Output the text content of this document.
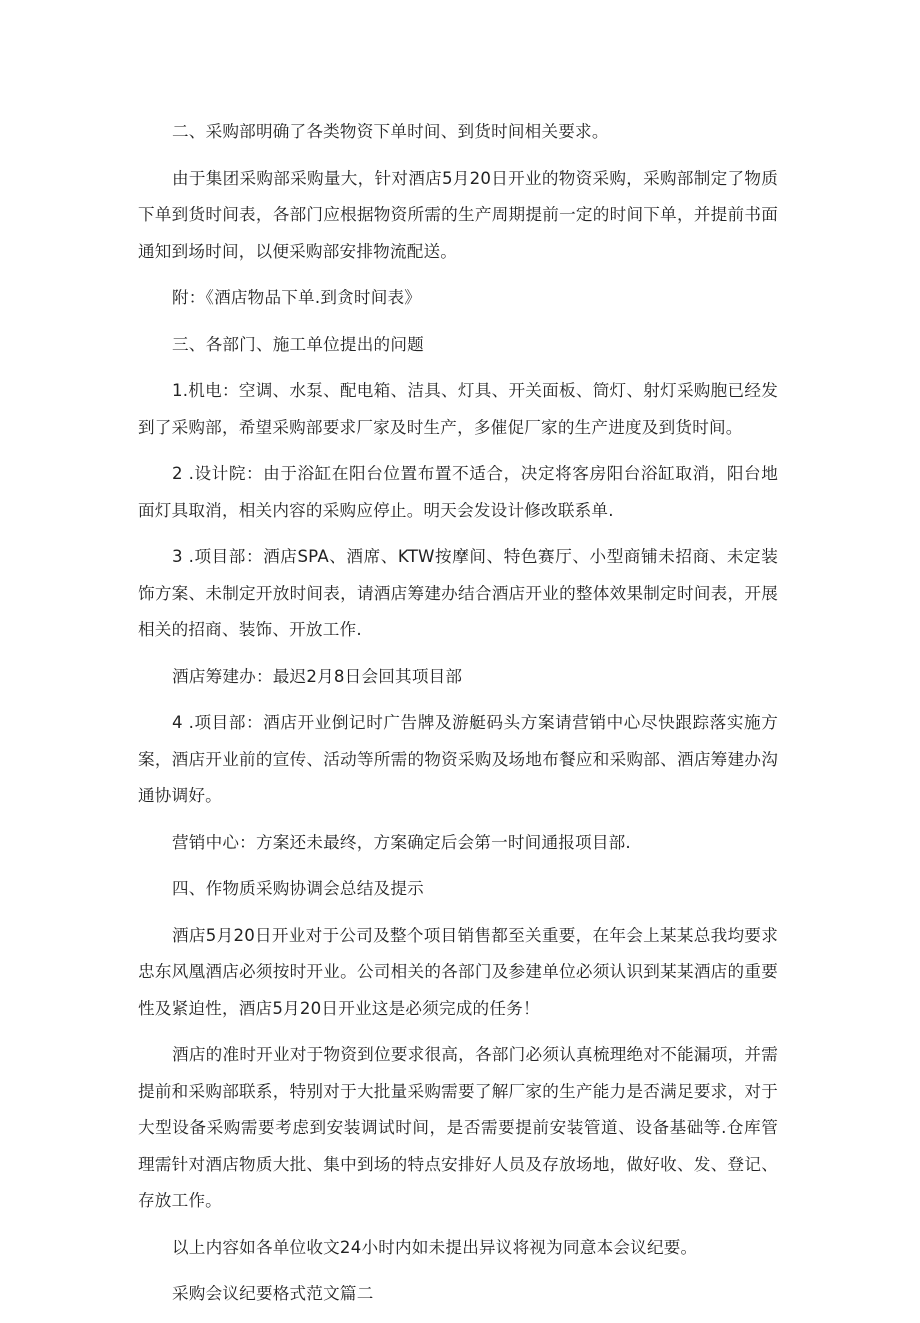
二、采购部明确了各类物资下单时间、到货时间相关要求。

由于集团采购部采购量大，针对酒店5月20日开业的物资采购，采购部制定了物质下单到货时间表，各部门应根据物资所需的生产周期提前一定的时间下单，并提前书面通知到场时间，以便采购部安排物流配送。

附：《酒店物品下单.到贪时间表》

三、各部门、施工单位提出的问题

1.机电：空调、水泵、配电箱、洁具、灯具、开关面板、筒灯、射灯采购胞已经发到了采购部，希望采购部要求厂家及时生产，多催促厂家的生产进度及到货时间。

2 .设计院：由于浴缸在阳台位置布置不适合，决定将客房阳台浴缸取消，阳台地面灯具取消，相关内容的采购应停止。明天会发设计修改联系单.

3 .项目部：酒店SPA、酒席、KTW按摩间、特色赛厅、小型商铺未招商、未定装饰方案、未制定开放时间表，请酒店筹建办结合酒店开业的整体效果制定时间表，开展相关的招商、装饰、开放工作.

酒店筹建办：最迟2月8日会回其项目部

4 .项目部：酒店开业倒记时广告牌及游艇码头方案请营销中心尽快跟踪落实施方案，酒店开业前的宣传、活动等所需的物资采购及场地布餐应和采购部、酒店筹建办沟通协调好。

营销中心：方案还未最终，方案确定后会第一时间通报项目部.

四、作物质采购协调会总结及提示

酒店5月20日开业对于公司及整个项目销售都至关重要，在年会上某某总我均要求忠东风凰酒店必须按时开业。公司相关的各部门及参建单位必须认识到某某酒店的重要性及紧迫性，酒店5月20日开业这是必须完成的任务！

酒店的准时开业对于物资到位要求很高，各部门必须认真梳理绝对不能漏项，并需提前和采购部联系，特别对于大批量采购需要了解厂家的生产能力是否满足要求，对于大型设备采购需要考虑到安装调试时间，是否需要提前安装管道、设备基础等.仓库管理需针对酒店物质大批、集中到场的特点安排好人员及存放场地，做好收、发、登记、存放工作。

以上内容如各单位收文24小时内如未提出异议将视为同意本会议纪要。

采购会议纪要格式范文篇二
